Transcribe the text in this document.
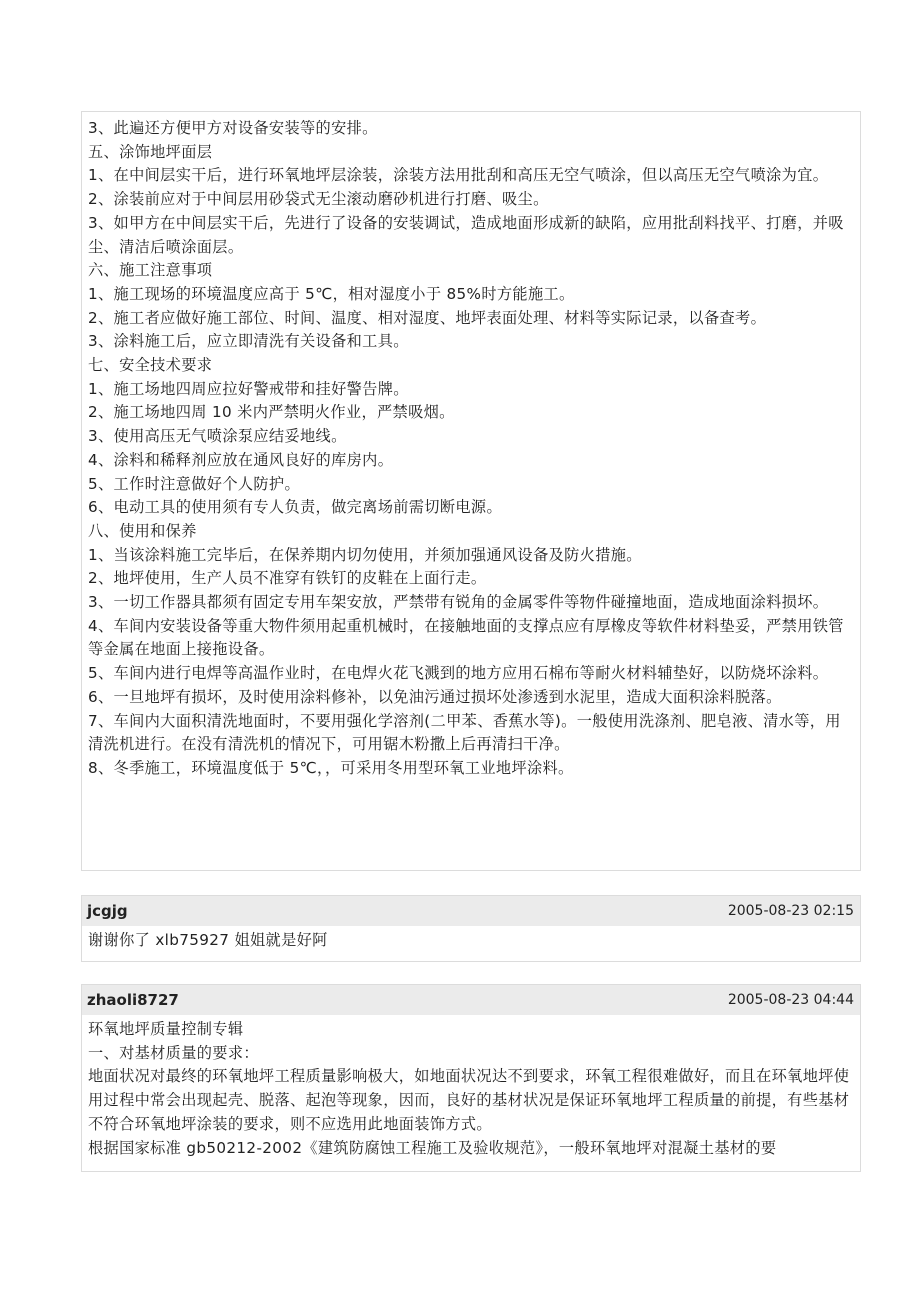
3、此遍还方便甲方对设备安装等的安排。
五、涂饰地坪面层
1、在中间层实干后，进行环氧地坪层涂装，涂装方法用批刮和高压无空气喷涂，但以高压无空气喷涂为宜。
2、涂装前应对于中间层用砂袋式无尘滚动磨砂机进行打磨、吸尘。
3、如甲方在中间层实干后，先进行了设备的安装调试，造成地面形成新的缺陷，应用批刮料找平、打磨，并吸尘、清洁后喷涂面层。
六、施工注意事项
1、施工现场的环境温度应高于 5℃，相对湿度小于 85%时方能施工。
2、施工者应做好施工部位、时间、温度、相对湿度、地坪表面处理、材料等实际记录，以备查考。
3、涂料施工后，应立即清洗有关设备和工具。
七、安全技术要求
1、施工场地四周应拉好警戒带和挂好警告牌。
2、施工场地四周 10 米内严禁明火作业，严禁吸烟。
3、使用高压无气喷涂泵应结妥地线。
4、涂料和稀释剂应放在通风良好的库房内。
5、工作时注意做好个人防护。
6、电动工具的使用须有专人负责，做完离场前需切断电源。
八、使用和保养
1、当该涂料施工完毕后，在保养期内切勿使用，并须加强通风设备及防火措施。
2、地坪使用，生产人员不准穿有铁钉的皮鞋在上面行走。
3、一切工作器具都须有固定专用车架安放，严禁带有锐角的金属零件等物件碰撞地面，造成地面涂料损坏。
4、车间内安装设备等重大物件须用起重机械时，在接触地面的支撑点应有厚橡皮等软件材料垫妥，严禁用铁管等金属在地面上接拖设备。
5、车间内进行电焊等高温作业时，在电焊火花飞溅到的地方应用石棉布等耐火材料辅垫好，以防烧坏涂料。
6、一旦地坪有损坏，及时使用涂料修补，以免油污通过损坏处渗透到水泥里，造成大面积涂料脱落。
7、车间内大面积清洗地面时，不要用强化学溶剂(二甲苯、香蕉水等)。一般使用洗涤剂、肥皂液、清水等，用清洗机进行。在没有清洗机的情况下，可用锯木粉撒上后再清扫干净。
8、冬季施工，环境温度低于 5℃，，可采用冬用型环氧工业地坪涂料。
jcgjg	2005-08-23 02:15
谢谢你了 xlb75927 姐姐就是好阿
zhaoli8727	2005-08-23 04:44
环氧地坪质量控制专辑
一、对基材质量的要求：
地面状况对最终的环氧地坪工程质量影响极大，如地面状况达不到要求，环氧工程很难做好，而且在环氧地坪使用过程中常会出现起壳、脱落、起泡等现象，因而，良好的基材状况是保证环氧地坪工程质量的前提，有些基材不符合环氧地坪涂装的要求，则不应选用此地面装饰方式。
根据国家标准 gb50212-2002《建筑防腐蚀工程施工及验收规范》，一般环氧地坪对混凝土基材的要
